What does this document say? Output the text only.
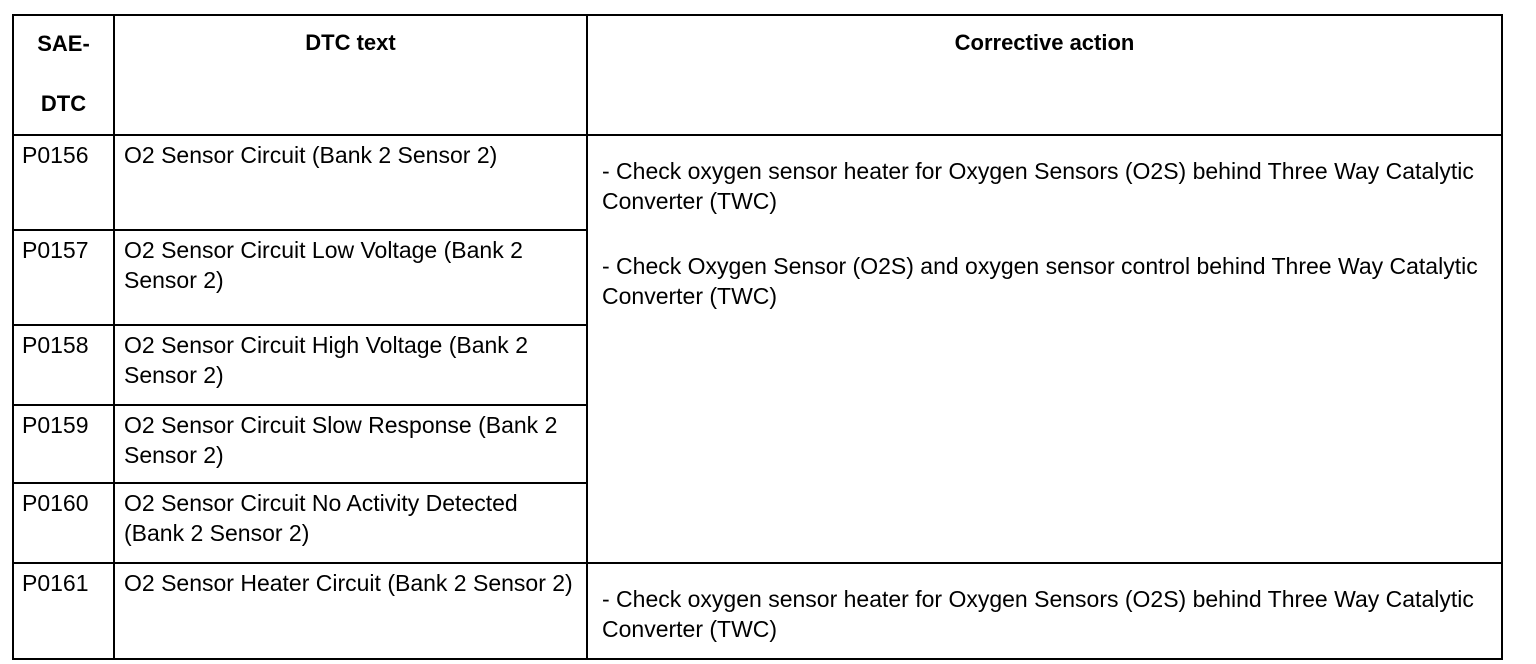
SAE- DTC	DTC text	Corrective action

P0156	O2 Sensor Circuit (Bank 2 Sensor 2)	- Check oxygen sensor heater for Oxygen Sensors (O2S) behind Three Way Catalytic Converter (TWC)
- Check Oxygen Sensor (O2S) and oxygen sensor control behind Three Way Catalytic Converter (TWC)

P0157	O2 Sensor Circuit Low Voltage (Bank 2 Sensor 2)	

P0158	O2 Sensor Circuit High Voltage (Bank 2 Sensor 2)	

P0159	O2 Sensor Circuit Slow Response (Bank 2 Sensor 2)	

P0160	O2 Sensor Circuit No Activity Detected (Bank 2 Sensor 2)	

P0161	O2 Sensor Heater Circuit (Bank 2 Sensor 2)	- Check oxygen sensor heater for Oxygen Sensors (O2S) behind Three Way Catalytic Converter (TWC)
